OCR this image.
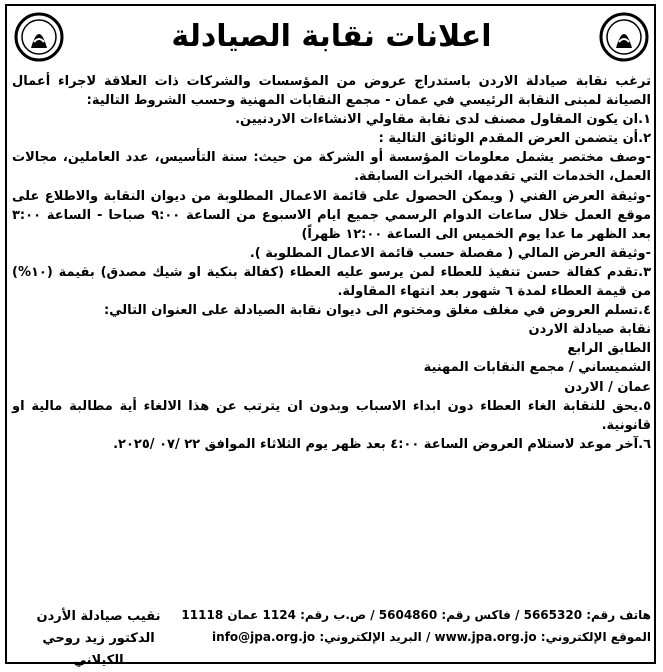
اعلانات نقابة الصيادلة

ترغب نقابة صيادلة الاردن باستدراج عروض من المؤسسات والشركات ذات العلاقة لاجراء أعمال الصيانة لمبنى النقابة الرئيسي في عمان - مجمع النقابات المهنية وحسب الشروط التالية:

١.ان يكون المقاول مصنف لدى نقابة مقاولي الانشاءات الاردنيين.

٢.أن يتضمن العرض المقدم الوثائق التالية :

-وصف مختصر يشمل معلومات المؤسسة أو الشركة من حيث: سنة التأسيس، عدد العاملين، مجالات العمل، الخدمات التي تقدمها، الخبرات السابقة.

-وثيقة العرض الفني ( ويمكن الحصول على قائمة الاعمال المطلوبة من ديوان النقابة والاطلاع على موقع العمل خلال ساعات الدوام الرسمي جميع ايام الاسبوع من الساعة ٩:٠٠ صباحا - الساعة ٣:٠٠ بعد الظهر ما عدا يوم الخميس الى الساعة ١٢:٠٠ ظهراً)

-وثيقة العرض المالي ( مفصلة حسب قائمة الاعمال المطلوبة ).

٣.تقدم كفالة حسن تنفيذ للعطاء لمن يرسو عليه العطاء (كفالة بنكية او شيك مصدق) بقيمة (١٠%) من قيمة العطاء لمدة ٦ شهور بعد انتهاء المقاولة.

٤.تسلم العروض في مغلف مغلق ومختوم الى ديوان نقابة الصيادلة على العنوان التالي:

نقابة صيادلة الاردن

الطابق الرابع

الشميساني / مجمع النقابات المهنية

عمان / الاردن

٥.يحق للنقابة الغاء العطاء دون ابداء الاسباب وبدون ان يترتب عن هذا الالغاء أية مطالبة مالية او قانونية.

٦.آخر موعد لاستلام العروض الساعة ٤:٠٠ بعد ظهر يوم الثلاثاء الموافق ٢٢ /٠٧ /٢٠٢٥.

هاتف رقم: 5665320 / فاكس رقم: 5604860 / ص.ب رقم: 1124 عمان 11118
الموقع الإلكتروني: www.jpa.org.jo / البريد الإلكتروني: info@jpa.org.jo
نقيب صيادلة الأردن
الدكتور زيد روحي الكيلاني
